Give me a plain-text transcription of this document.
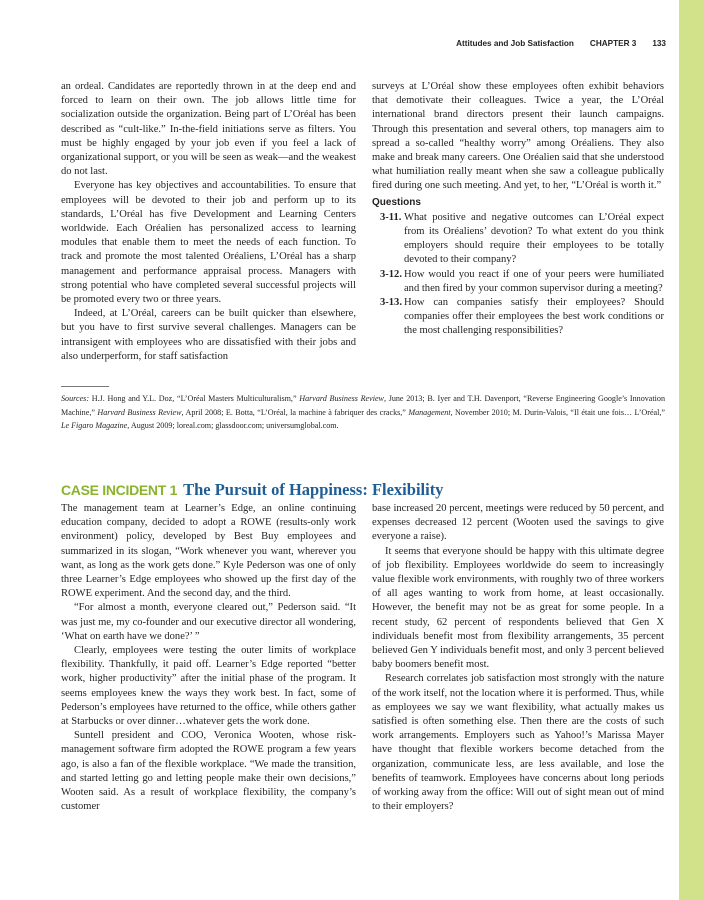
Attitudes and Job Satisfaction CHAPTER 3 133

an ordeal. Candidates are reportedly thrown in at the deep end and forced to learn on their own. The job allows little time for socialization outside the organization. Being part of L’Oréal has been described as “cult-like.” In-the-field initiations serve as filters. You must be highly engaged by your job even if you feel a lack of organizational support, or you will be seen as weak—and the weakest do not last.

Everyone has key objectives and accountabilities. To ensure that employees will be devoted to their job and perform up to its standards, L’Oréal has five Development and Learning Centers worldwide. Each Oréalien has personalized access to learning modules that enable them to meet the needs of each function. To track and promote the most talented Oréaliens, L’Oréal has a sharp management and performance appraisal process. Managers with strong potential who have completed several successful projects will be promoted every two or three years.

Indeed, at L’Oréal, careers can be built quicker than elsewhere, but you have to first survive several challenges. Managers can be intransigent with employees who are dissatisfied with their jobs and also underperform, for staff satisfaction

surveys at L’Oréal show these employees often exhibit behaviors that demotivate their colleagues. Twice a year, the L’Oréal international brand directors present their launch campaigns. Through this presentation and several others, top managers aim to spread a so-called “healthy worry” among Oréaliens. They also make and break many careers. One Oréalien said that she understood what humiliation really meant when she saw a colleague publically fired during one such meeting. And yet, to her, “L’Oréal is worth it.”

Questions
3-11. What positive and negative outcomes can L’Oréal expect from its Oréaliens’ devotion? To what extent do you think employers should require their employees to be totally devoted to their company?
3-12. How would you react if one of your peers were humiliated and then fired by your common supervisor during a meeting?
3-13. How can companies satisfy their employees? Should companies offer their employees the best work conditions or the most challenging responsibilities?

Sources: H.J. Hong and Y.L. Doz, “L’Oréal Masters Multiculturalism,” Harvard Business Review, June 2013; B. Iyer and T.H. Davenport, “Reverse Engineering Google’s Innovation Machine,” Harvard Business Review, April 2008; E. Botta, “L’Oréal, la machine à fabriquer des cracks,” Management, November 2010; M. Durin-Valois, “Il était une fois… L’Oréal,” Le Figaro Magazine, August 2009; loreal.com; glassdoor.com; universumglobal.com.

CASE INCIDENT 1 The Pursuit of Happiness: Flexibility

The management team at Learner’s Edge, an online continuing education company, decided to adopt a ROWE (results-only work environment) policy, developed by Best Buy employees and summarized in its slogan, “Work whenever you want, wherever you want, as long as the work gets done.” Kyle Pederson was one of only three Learner’s Edge employees who showed up the first day of the ROWE experiment. And the second day, and the third.

“For almost a month, everyone cleared out,” Pederson said. “It was just me, my co-founder and our executive director all wondering, ‘What on earth have we done?’ ”

Clearly, employees were testing the outer limits of workplace flexibility. Thankfully, it paid off. Learner’s Edge reported “better work, higher productivity” after the initial phase of the program. It seems employees knew the ways they work best. In fact, some of Pederson’s employees have returned to the office, while others gather at Starbucks or over dinner…whatever gets the work done.

Suntell president and COO, Veronica Wooten, whose risk-management software firm adopted the ROWE program a few years ago, is also a fan of the flexible workplace. “We made the transition, and started letting go and letting people make their own decisions,” Wooten said. As a result of workplace flexibility, the company’s customer

base increased 20 percent, meetings were reduced by 50 percent, and expenses decreased 12 percent (Wooten used the savings to give everyone a raise).

It seems that everyone should be happy with this ultimate degree of job flexibility. Employees worldwide do seem to increasingly value flexible work environments, with roughly two of three workers of all ages wanting to work from home, at least occasionally. However, the benefit may not be as great for some people. In a recent study, 62 percent of respondents believed that Gen X individuals benefit most from flexibility arrangements, 35 percent believed Gen Y individuals benefit most, and only 3 percent believed baby boomers benefit most.

Research correlates job satisfaction most strongly with the nature of the work itself, not the location where it is performed. Thus, while as employees we say we want flexibility, what actually makes us satisfied is often something else. Then there are the costs of such work arrangements. Employers such as Yahoo!’s Marissa Mayer have thought that flexible workers become detached from the organization, communicate less, are less available, and lose the benefits of teamwork. Employees have concerns about long periods of working away from the office: Will out of sight mean out of mind to their employers?
